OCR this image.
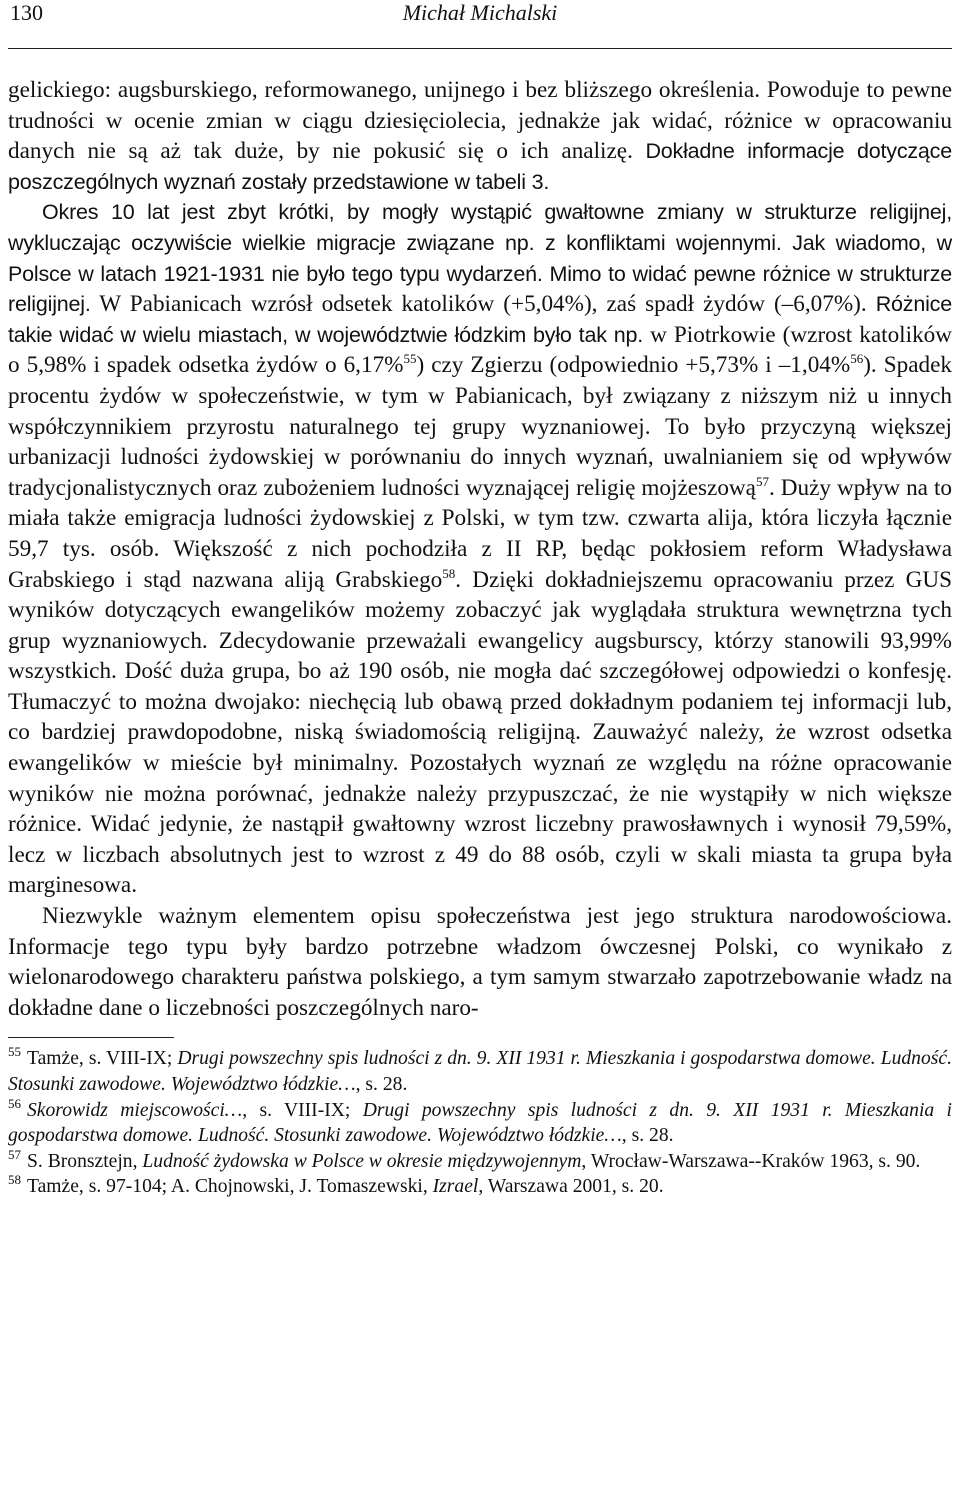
130	Michał Michalski

gelickiego: augsburskiego, reformowanego, unijnego i bez bliższego określenia. Powoduje to pewne trudności w ocenie zmian w ciągu dziesięciolecia, jednakże jak widać, różnice w opracowaniu danych nie są aż tak duże, by nie pokusić się o ich analizę. Dokładne informacje dotyczące poszczególnych wyznań zostały przedstawione w tabeli 3.

Okres 10 lat jest zbyt krótki, by mogły wystąpić gwałtowne zmiany w strukturze religijnej, wykluczając oczywiście wielkie migracje związane np. z konfliktami wojennymi. Jak wiadomo, w Polsce w latach 1921-1931 nie było tego typu wydarzeń. Mimo to widać pewne różnice w strukturze religijnej. W Pabianicach wzrósł odsetek katolików (+5,04%), zaś spadł żydów (–6,07%). Różnice takie widać w wielu miastach, w województwie łódzkim było tak np. w Piotrkowie (wzrost katolików o 5,98% i spadek odsetka żydów o 6,17%$^{55}$) czy Zgierzu (odpowiednio +5,73% i –1,04%$^{56}$). Spadek procentu żydów w społeczeństwie, w tym w Pabianicach, był związany z niższym niż u innych współczynnikiem przyrostu naturalnego tej grupy wyznaniowej. To było przyczyną większej urbanizacji ludności żydowskiej w porównaniu do innych wyznań, uwalnianiem się od wpływów tradycjonalistycznych oraz zubożeniem ludności wyznającej religię mojżeszową$^{57}$. Duży wpływ na to miała także emigracja ludności żydowskiej z Polski, w tym tzw. czwarta alija, która liczyła łącznie 59,7 tys. osób. Większość z nich pochodziła z II RP, będąc pokłosiem reform Władysława Grabskiego i stąd nazwana aliją Grabskiego$^{58}$. Dzięki dokładniejszemu opracowaniu przez GUS wyników dotyczących ewangelików możemy zobaczyć jak wyglądała struktura wewnętrzna tych grup wyznaniowych. Zdecydowanie przeważali ewangelicy augsburscy, którzy stanowili 93,99% wszystkich. Dość duża grupa, bo aż 190 osób, nie mogła dać szczegółowej odpowiedzi o konfesję. Tłumaczyć to można dwojako: niechęcią lub obawą przed dokładnym podaniem tej informacji lub, co bardziej prawdopodobne, niską świadomością religijną. Zauważyć należy, że wzrost odsetka ewangelików w mieście był minimalny. Pozostałych wyznań ze względu na różne opracowanie wyników nie można porównać, jednakże należy przypuszczać, że nie wystąpiły w nich większe różnice. Widać jedynie, że nastąpił gwałtowny wzrost liczebny prawosławnych i wynosił 79,59%, lecz w liczbach absolutnych jest to wzrost z 49 do 88 osób, czyli w skali miasta ta grupa była marginesowa.

Niezwykle ważnym elementem opisu społeczeństwa jest jego struktura narodowościowa. Informacje tego typu były bardzo potrzebne władzom ówczesnej Polski, co wynikało z wielonarodowego charakteru państwa polskiego, a tym samym stwarzało zapotrzebowanie władz na dokładne dane o liczebności poszczególnych naro-

$^{55}$ Tamże, s. VIII-IX; Drugi powszechny spis ludności z dn. 9. XII 1931 r. Mieszkania i gospodarstwa domowe. Ludność. Stosunki zawodowe. Województwo łódzkie…, s. 28.

$^{56}$ Skorowidz miejscowości…, s. VIII-IX; Drugi powszechny spis ludności z dn. 9. XII 1931 r. Mieszkania i gospodarstwa domowe. Ludność. Stosunki zawodowe. Województwo łódzkie…, s. 28.

$^{57}$ S. Bronsztejn, Ludność żydowska w Polsce w okresie międzywojennym, Wrocław-Warszawa--Kraków 1963, s. 90.

$^{58}$ Tamże, s. 97-104; A. Chojnowski, J. Tomaszewski, Izrael, Warszawa 2001, s. 20.
